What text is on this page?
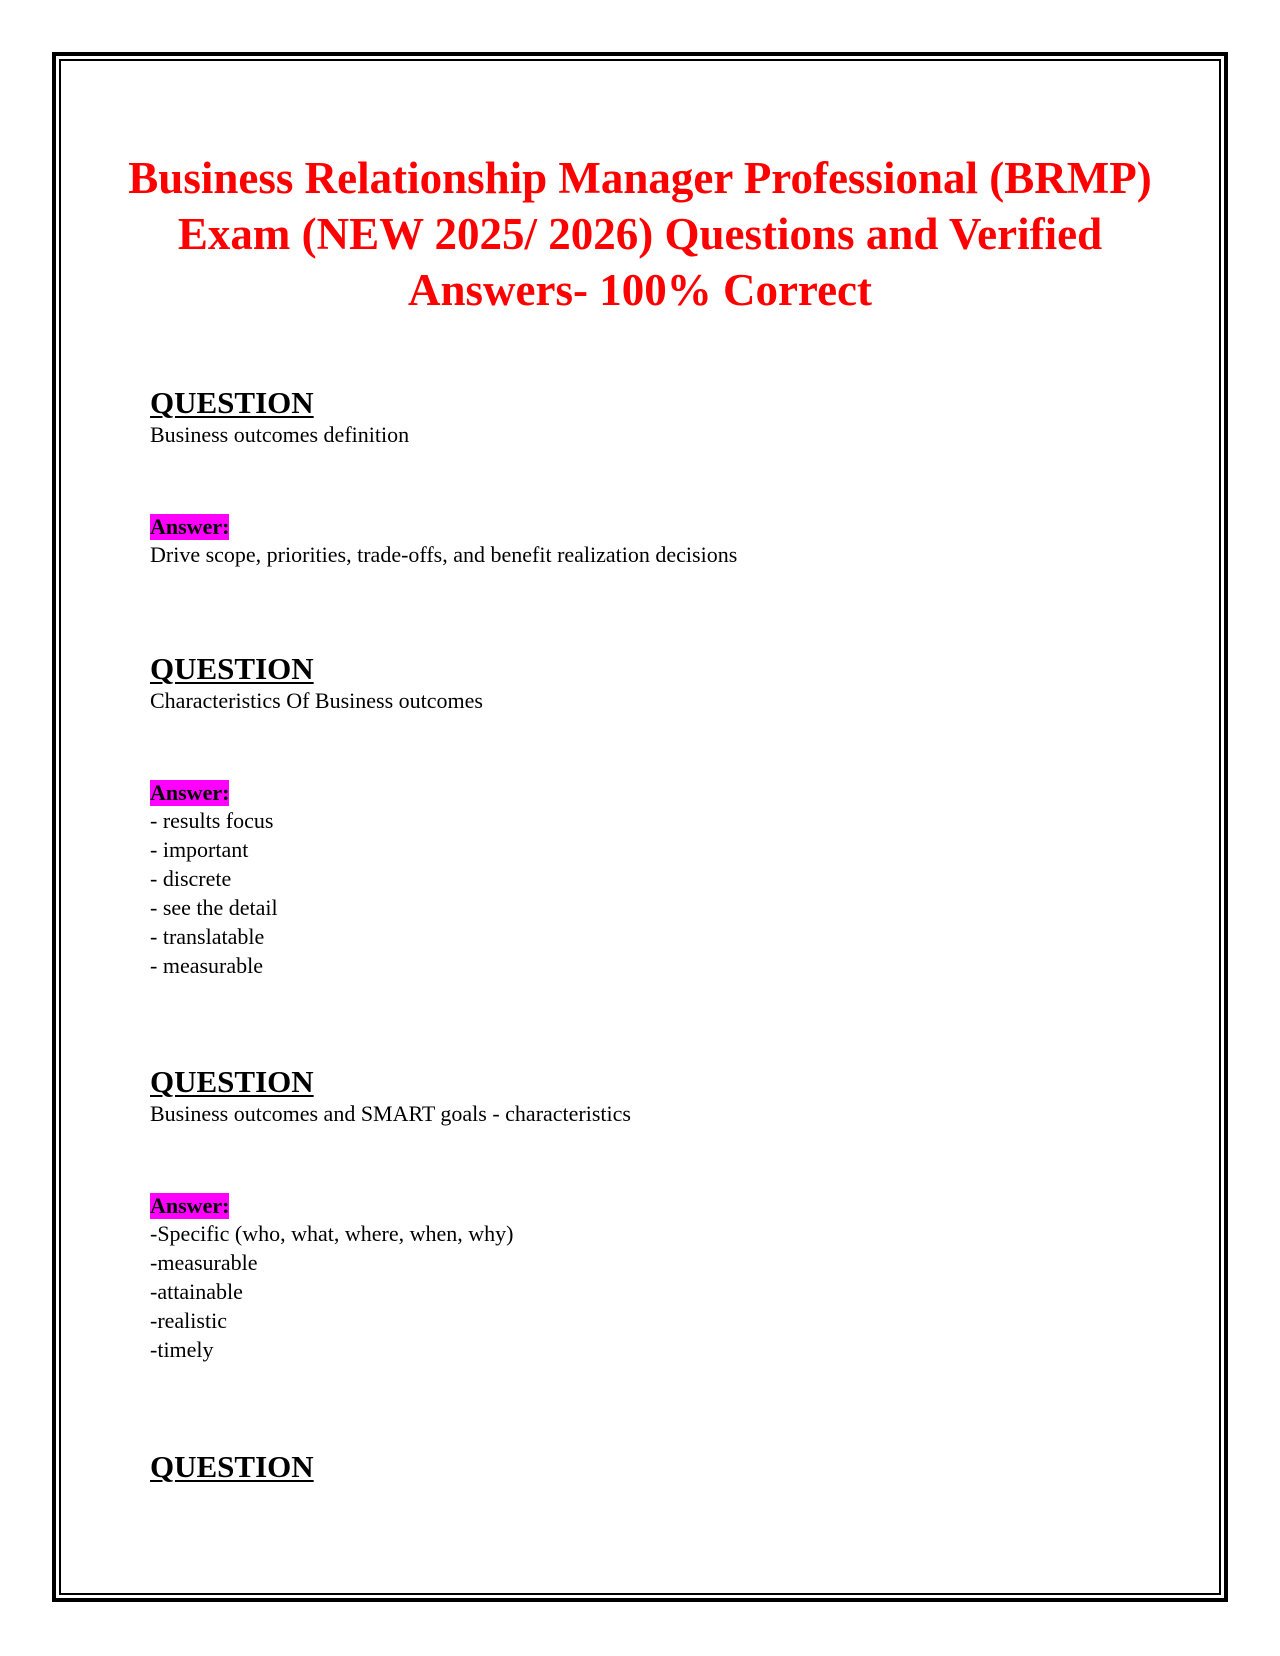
Business Relationship Manager Professional (BRMP) Exam (NEW 2025/ 2026) Questions and Verified Answers- 100% Correct
QUESTION
Business outcomes definition
Answer:
Drive scope, priorities, trade-offs, and benefit realization decisions
QUESTION
Characteristics Of Business outcomes
Answer:
- results focus
- important
- discrete
- see the detail
- translatable
- measurable
QUESTION
Business outcomes and SMART goals - characteristics
Answer:
-Specific (who, what, where, when, why)
-measurable
-attainable
-realistic
-timely
QUESTION
